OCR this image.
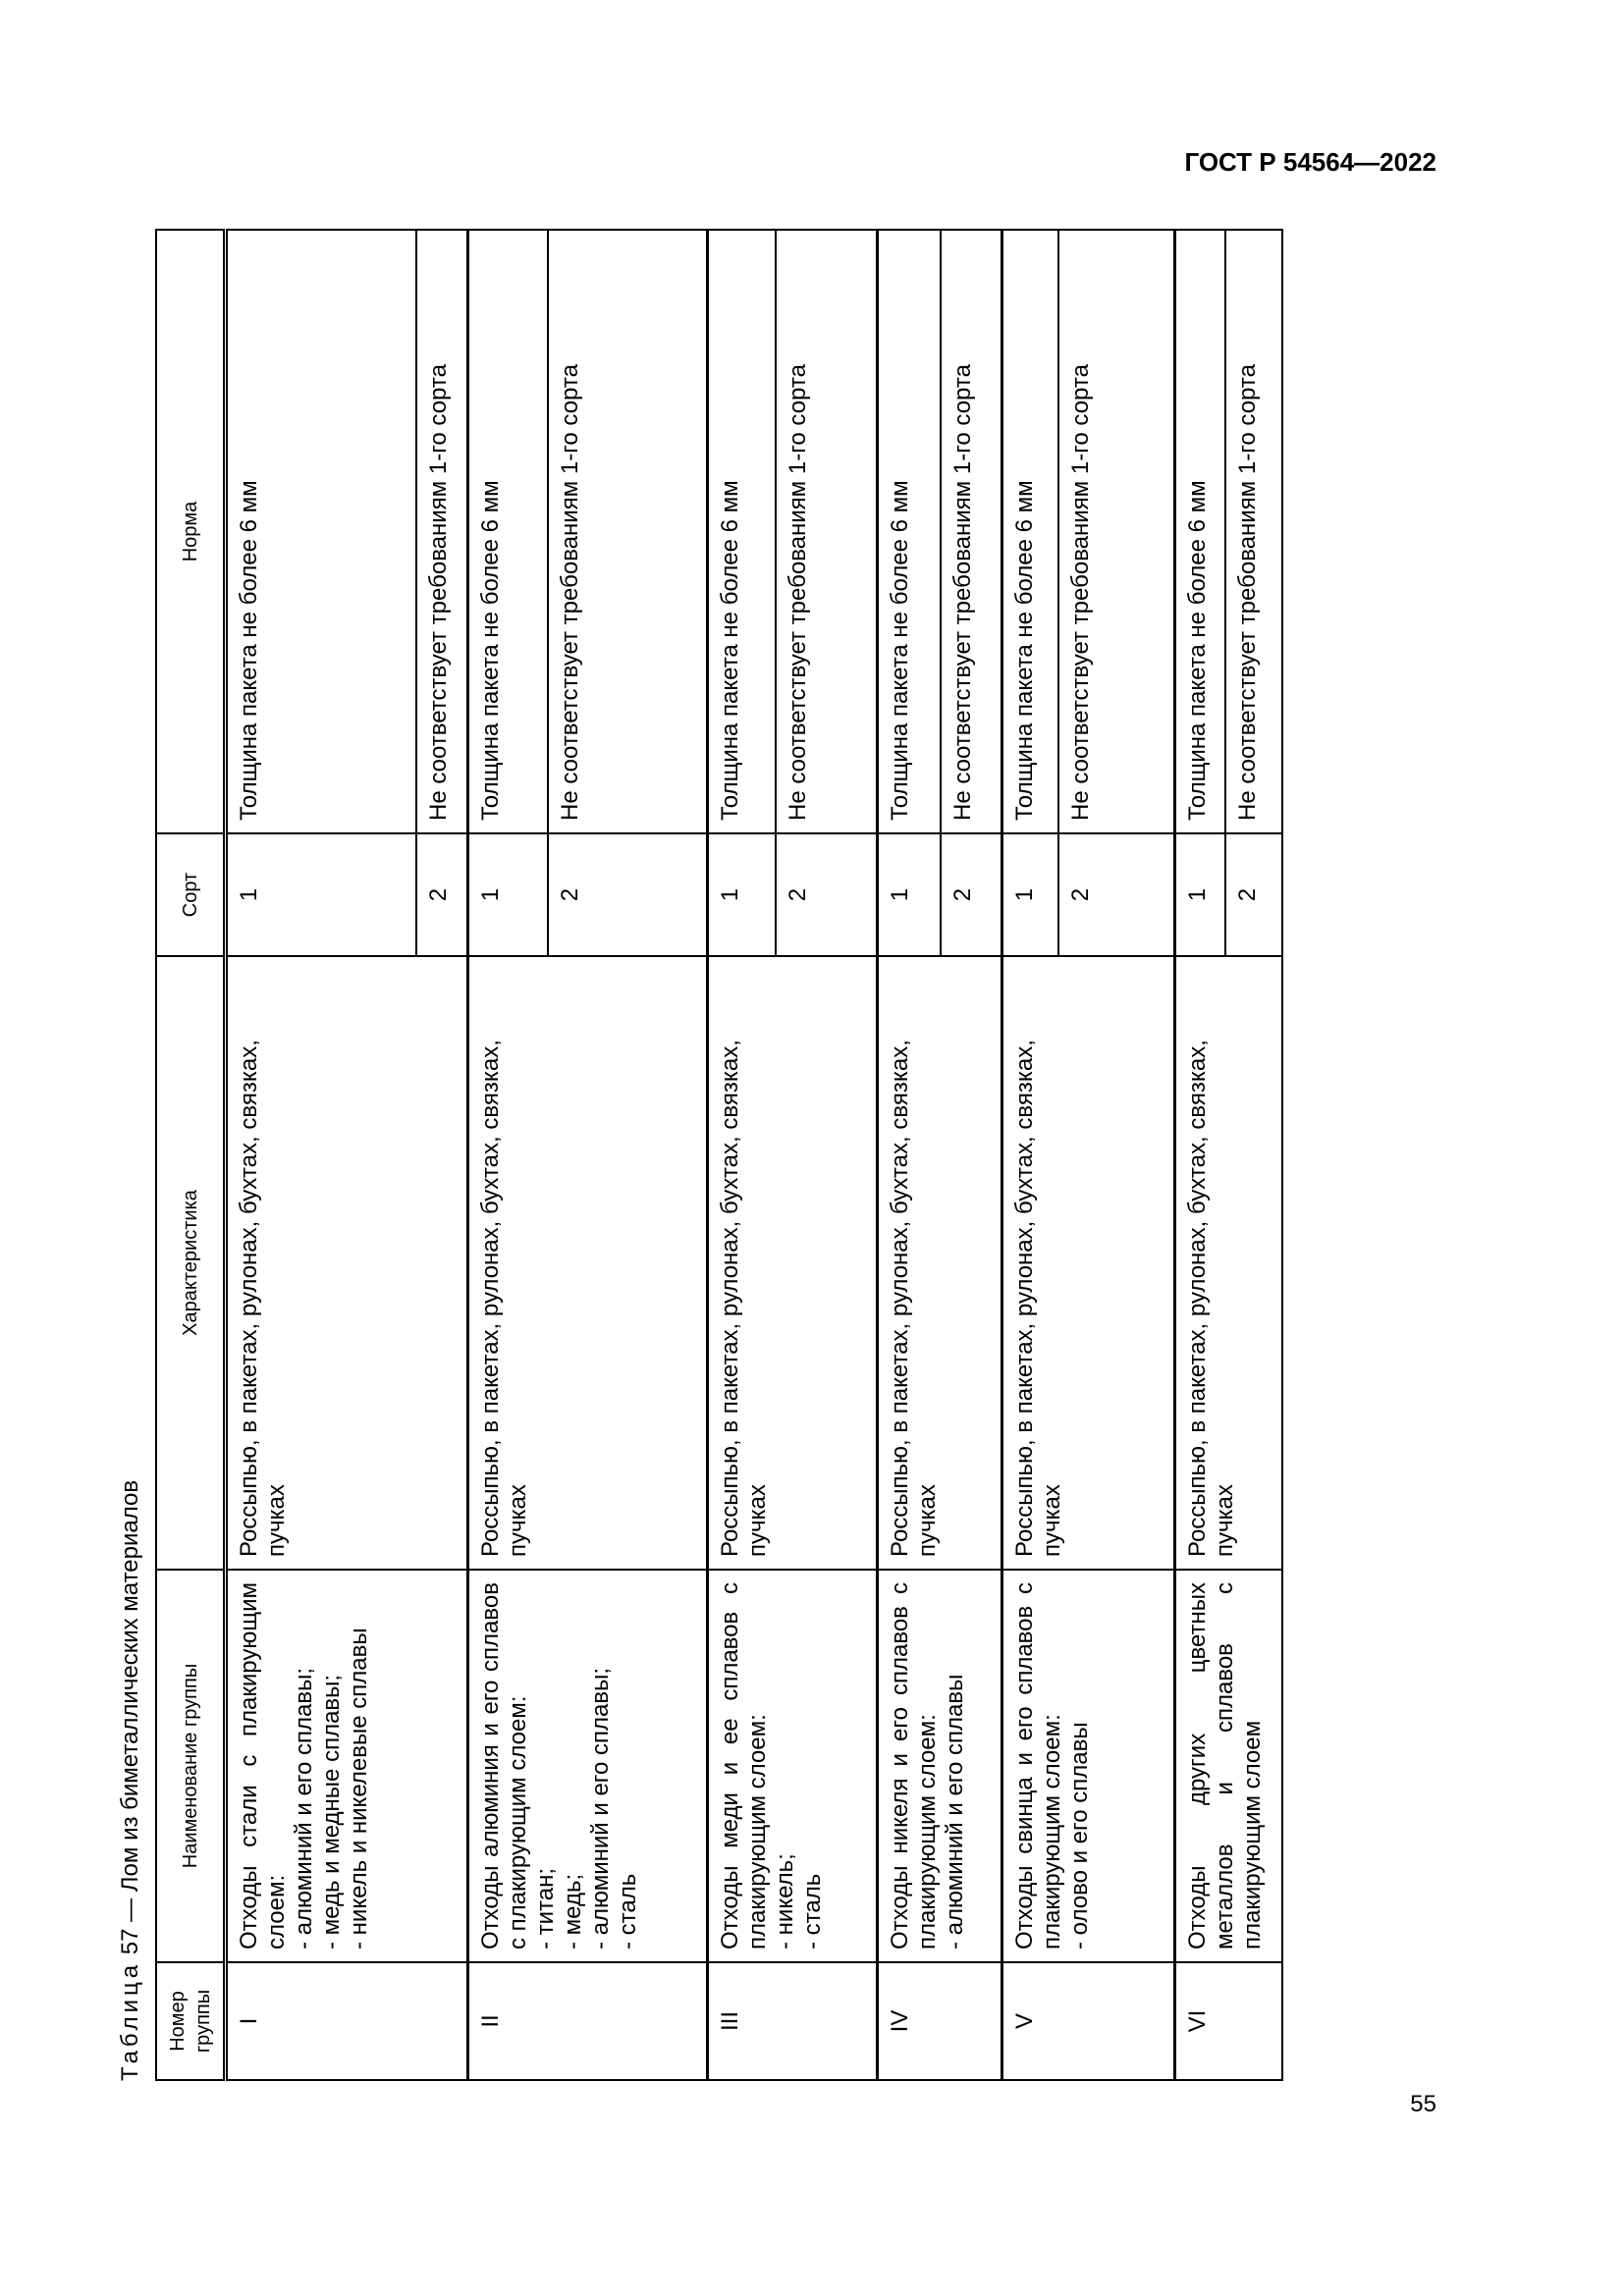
ГОСТ Р 54564—2022
Таблица 57 — Лом из биметаллических материалов
Номер группы	Наименование группы	Характеристика	Сорт	Норма
I	Отходы стали с плакирующим слоем: - алюминий и его сплавы; - медь и медные сплавы; - никель и никелевые сплавы	Россыпью, в пакетах, рулонах, бухтах, связках, пучках	1	Толщина пакета не более 6 мм
			2	Не соответствует требованиям 1-го сорта
II	Отходы алюминия и его сплавов с плакирующим слоем: - титан; - медь; - алюминий и его сплавы; - сталь	Россыпью, в пакетах, рулонах, бухтах, связках, пучках	1	Толщина пакета не более 6 мм
			2	Не соответствует требованиям 1-го сорта
III	Отходы меди и ее сплавов с плакирующим слоем: - никель; - сталь	Россыпью, в пакетах, рулонах, бухтах, связках, пучках	1	Толщина пакета не более 6 мм
			2	Не соответствует требованиям 1-го сорта
IV	Отходы никеля и его сплавов с плакирующим слоем: - алюминий и его сплавы	Россыпью, в пакетах, рулонах, бухтах, связках, пучках	1	Толщина пакета не более 6 мм
			2	Не соответствует требованиям 1-го сорта
V	Отходы свинца и его сплавов с плакирующим слоем: - олово и его сплавы	Россыпью, в пакетах, рулонах, бухтах, связках, пучках	1	Толщина пакета не более 6 мм
			2	Не соответствует требованиям 1-го сорта
VI	Отходы других цветных металлов и сплавов с плакирующим слоем	Россыпью, в пакетах, рулонах, бухтах, связках, пучках	1	Толщина пакета не более 6 мм
			2	Не соответствует требованиям 1-го сорта
55
